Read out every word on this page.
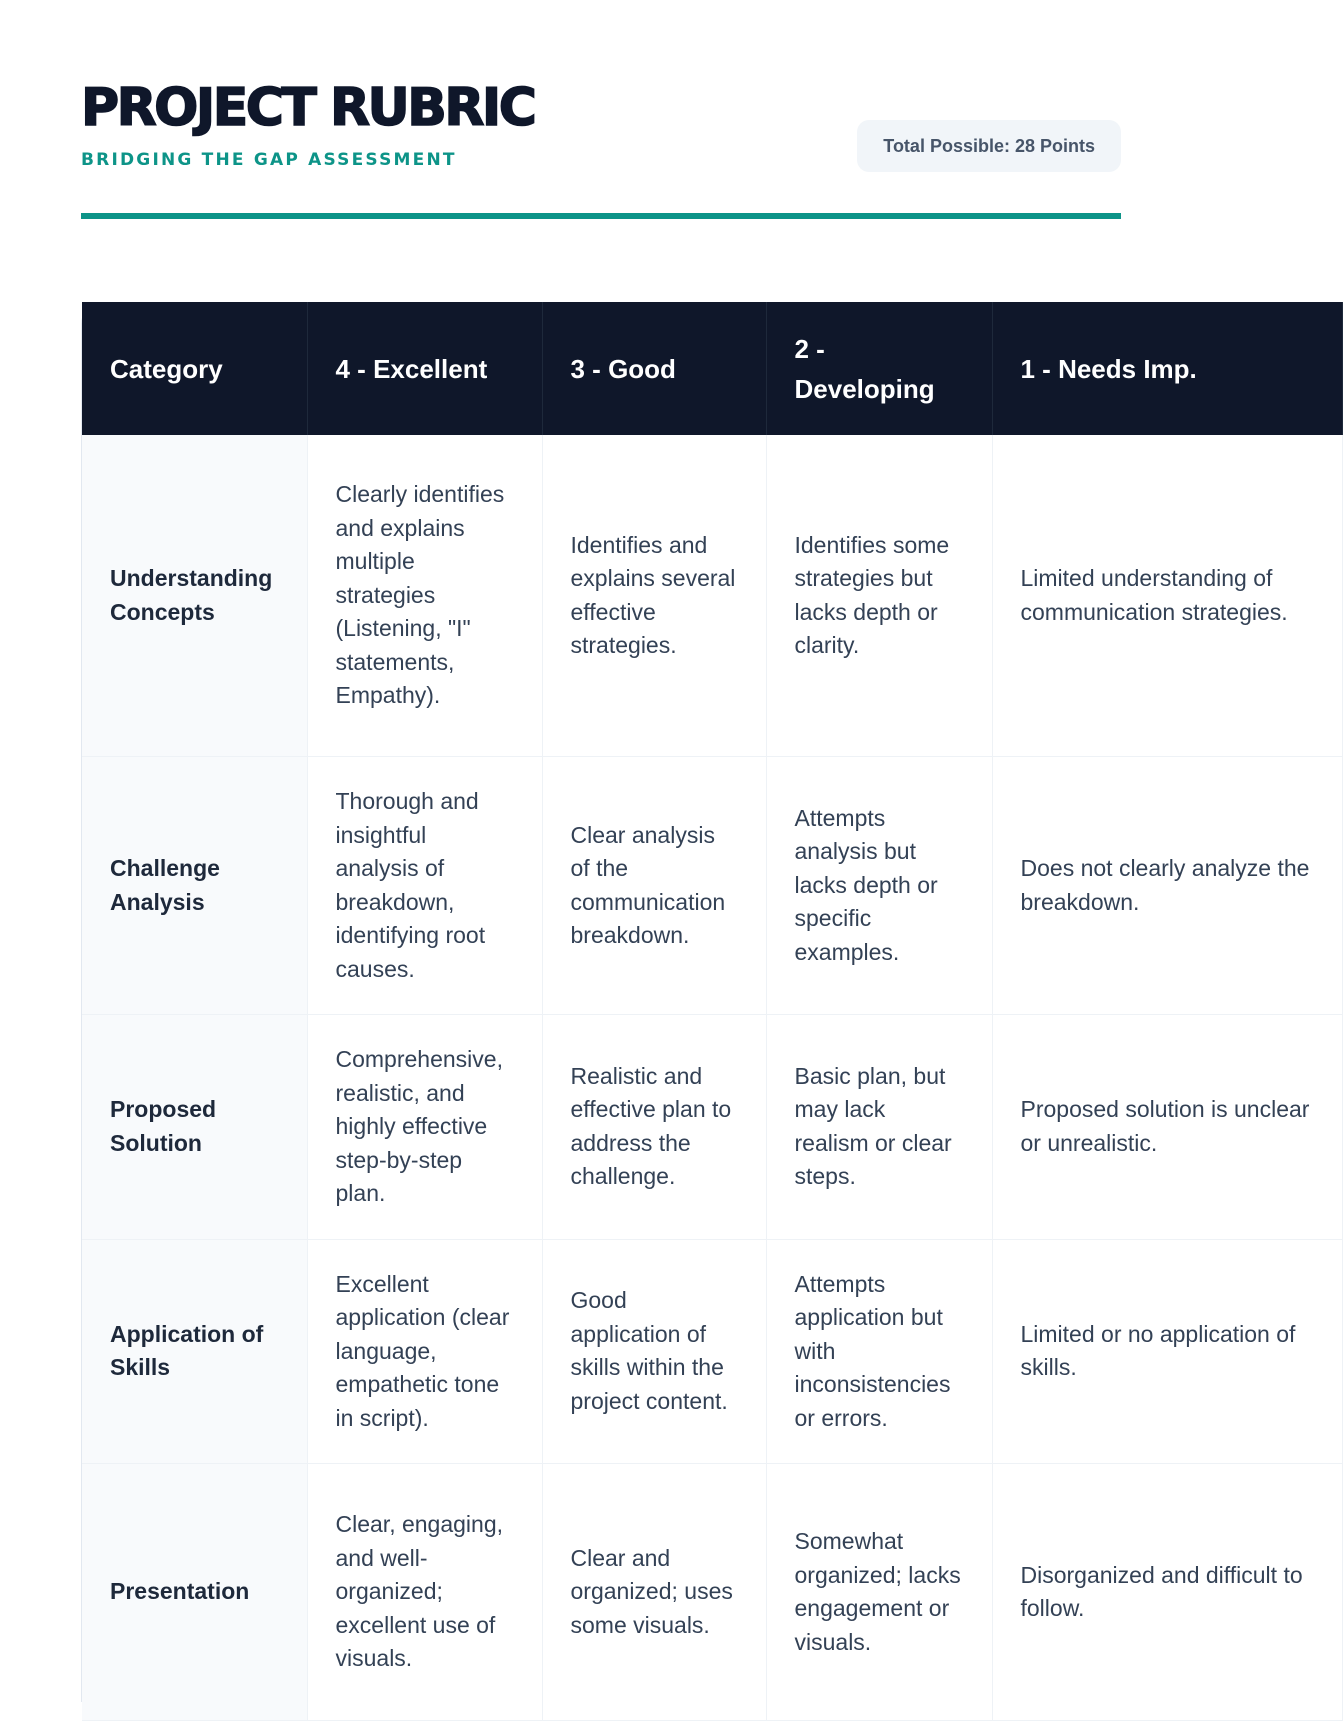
PROJECT RUBRIC
BRIDGING THE GAP ASSESSMENT
Total Possible: 28 Points
Category	4 - Excellent	3 - Good	2 - Developing	1 - Needs Imp.
Understanding Concepts	Clearly identifies and explains multiple strategies (Listening, "I" statements, Empathy).	Identifies and explains several effective strategies.	Identifies some strategies but lacks depth or clarity.	Limited understanding of communication strategies.
Challenge Analysis	Thorough and insightful analysis of breakdown, identifying root causes.	Clear analysis of the communication breakdown.	Attempts analysis but lacks depth or specific examples.	Does not clearly analyze the breakdown.
Proposed Solution	Comprehensive, realistic, and highly effective step-by-step plan.	Realistic and effective plan to address the challenge.	Basic plan, but may lack realism or clear steps.	Proposed solution is unclear or unrealistic.
Application of Skills	Excellent application (clear language, empathetic tone in script).	Good application of skills within the project content.	Attempts application but with inconsistencies or errors.	Limited or no application of skills.
Presentation	Clear, engaging, and well-organized; excellent use of visuals.	Clear and organized; uses some visuals.	Somewhat organized; lacks engagement or visuals.	Disorganized and difficult to follow.
